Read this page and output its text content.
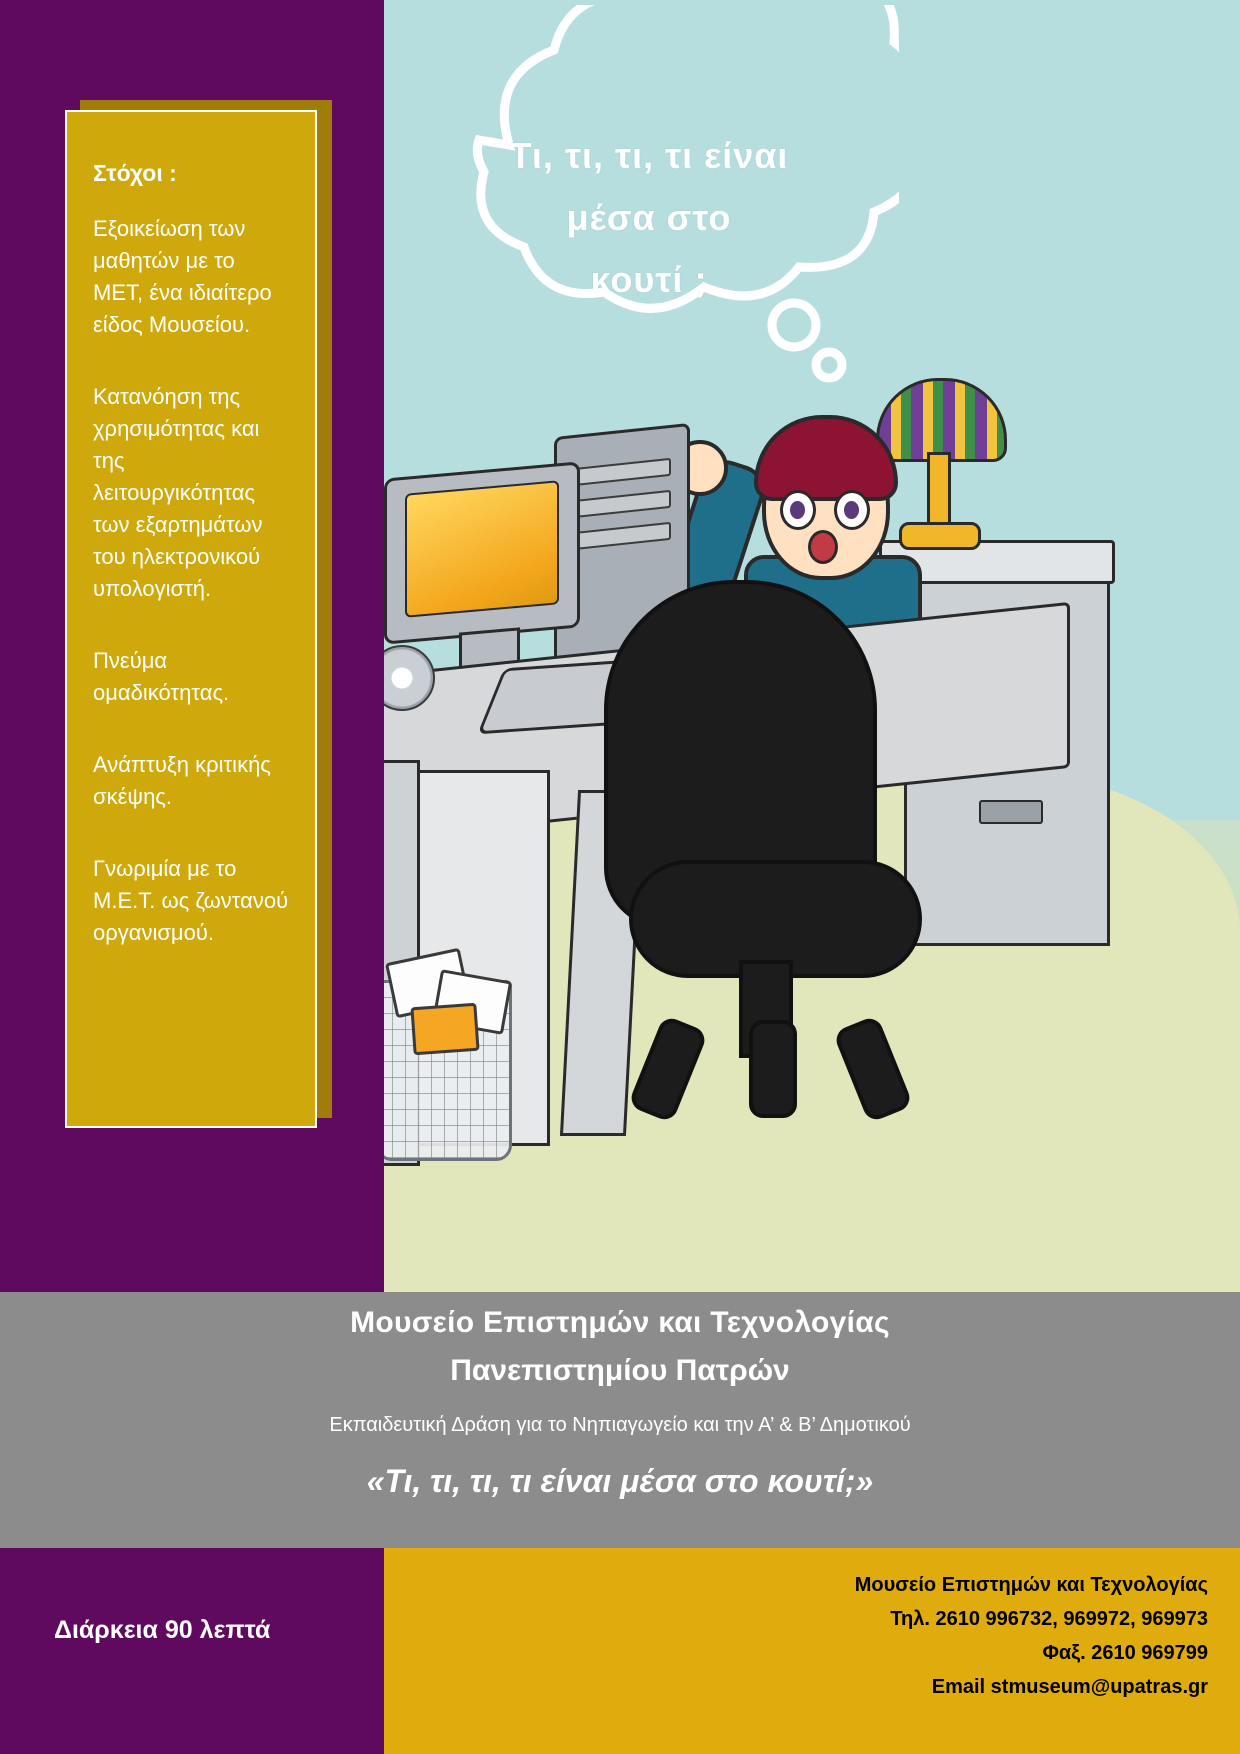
Τι, τι, τι, τι είναι
μέσα στο
κουτί ;
Στόχοι :
Εξοικείωση των μαθητών με το ΜΕΤ, ένα ιδιαίτερο είδος Μουσείου.
Κατανόηση της χρησιμότητας και της λειτουργικότητας των εξαρτημάτων του ηλεκτρονικού υπολογιστή.
Πνεύμα ομαδικότητας.
Ανάπτυξη κριτικής σκέψης.
Γνωριμία με το Μ.Ε.Τ. ως ζωντανού οργανισμού.
Μουσείο Επιστημών και Τεχνολογίας
Πανεπιστημίου Πατρών
Εκπαιδευτική Δράση για το Νηπιαγωγείο και την Α’ & Β’ Δημοτικού
«Τι, τι, τι, τι είναι μέσα στο κουτί;»
Διάρκεια 90 λεπτά
Μουσείο Επιστημών και Τεχνολογίας
Τηλ. 2610 996732, 969972, 969973
Φαξ. 2610 969799
Email stmuseum@upatras.gr
